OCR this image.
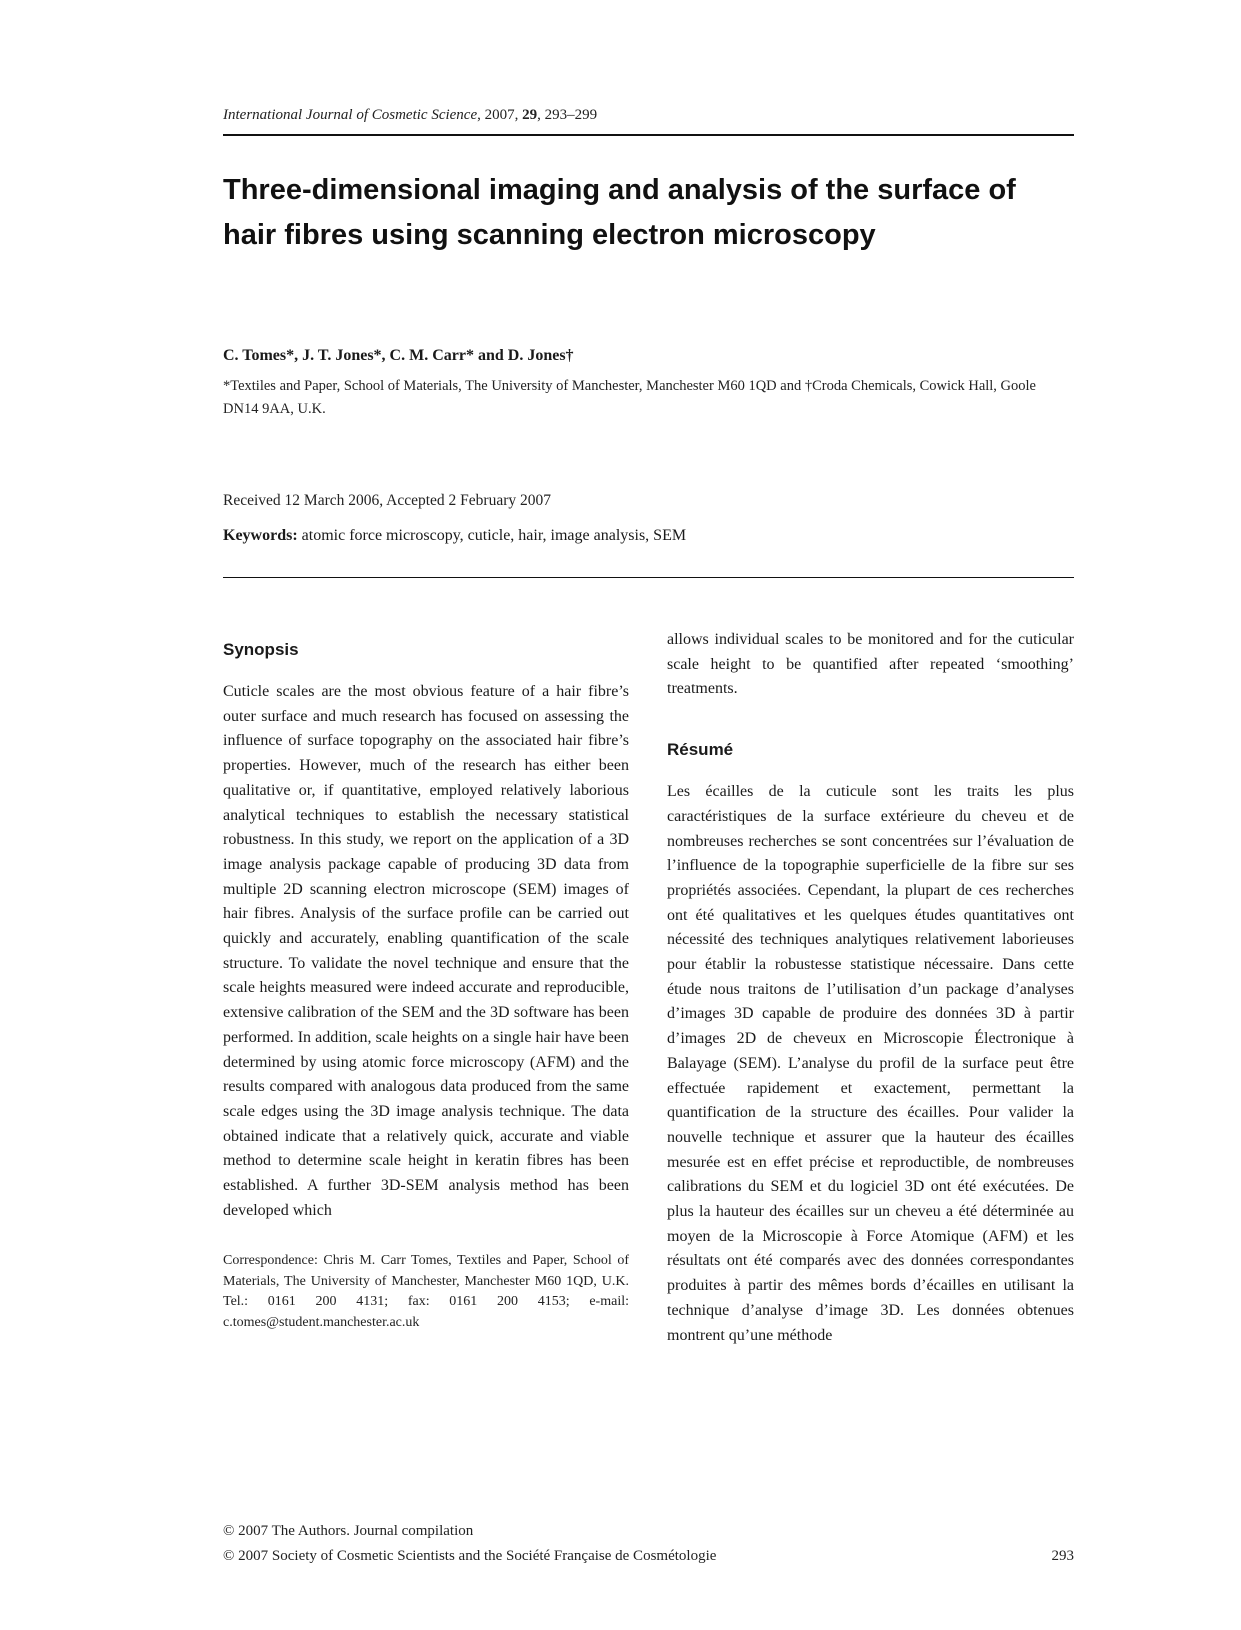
International Journal of Cosmetic Science, 2007, 29, 293–299
Three-dimensional imaging and analysis of the surface of hair fibres using scanning electron microscopy
C. Tomes*, J. T. Jones*, C. M. Carr* and D. Jones†
*Textiles and Paper, School of Materials, The University of Manchester, Manchester M60 1QD and †Croda Chemicals, Cowick Hall, Goole DN14 9AA, U.K.
Received 12 March 2006, Accepted 2 February 2007
Keywords: atomic force microscopy, cuticle, hair, image analysis, SEM
Synopsis

Cuticle scales are the most obvious feature of a hair fibre’s outer surface and much research has focused on assessing the influence of surface topography on the associated hair fibre’s properties. However, much of the research has either been qualitative or, if quantitative, employed relatively laborious analytical techniques to establish the necessary statistical robustness. In this study, we report on the application of a 3D image analysis package capable of producing 3D data from multiple 2D scanning electron microscope (SEM) images of hair fibres. Analysis of the surface profile can be carried out quickly and accurately, enabling quantification of the scale structure. To validate the novel technique and ensure that the scale heights measured were indeed accurate and reproducible, extensive calibration of the SEM and the 3D software has been performed. In addition, scale heights on a single hair have been determined by using atomic force microscopy (AFM) and the results compared with analogous data produced from the same scale edges using the 3D image analysis technique. The data obtained indicate that a relatively quick, accurate and viable method to determine scale height in keratin fibres has been established. A further 3D-SEM analysis method has been developed which

Correspondence: Chris M. Carr Tomes, Textiles and Paper, School of Materials, The University of Manchester, Manchester M60 1QD, U.K. Tel.: 0161 200 4131; fax: 0161 200 4153; e-mail: c.tomes@student.manchester.ac.uk

allows individual scales to be monitored and for the cuticular scale height to be quantified after repeated ‘smoothing’ treatments.

Résumé

Les écailles de la cuticule sont les traits les plus caractéristiques de la surface extérieure du cheveu et de nombreuses recherches se sont concentrées sur l’évaluation de l’influence de la topographie superficielle de la fibre sur ses propriétés associées. Cependant, la plupart de ces recherches ont été qualitatives et les quelques études quantitatives ont nécessité des techniques analytiques relativement laborieuses pour établir la robustesse statistique nécessaire. Dans cette étude nous traitons de l’utilisation d’un package d’analyses d’images 3D capable de produire des données 3D à partir d’images 2D de cheveux en Microscopie Électronique à Balayage (SEM). L’analyse du profil de la surface peut être effectuée rapidement et exactement, permettant la quantification de la structure des écailles. Pour valider la nouvelle technique et assurer que la hauteur des écailles mesurée est en effet précise et reproductible, de nombreuses calibrations du SEM et du logiciel 3D ont été exécutées. De plus la hauteur des écailles sur un cheveu a été déterminée au moyen de la Microscopie à Force Atomique (AFM) et les résultats ont été comparés avec des données correspondantes produites à partir des mêmes bords d’écailles en utilisant la technique d’analyse d’image 3D. Les données obtenues montrent qu’une méthode

© 2007 The Authors. Journal compilation
© 2007 Society of Cosmetic Scientists and the Société Française de Cosmétologie	293
